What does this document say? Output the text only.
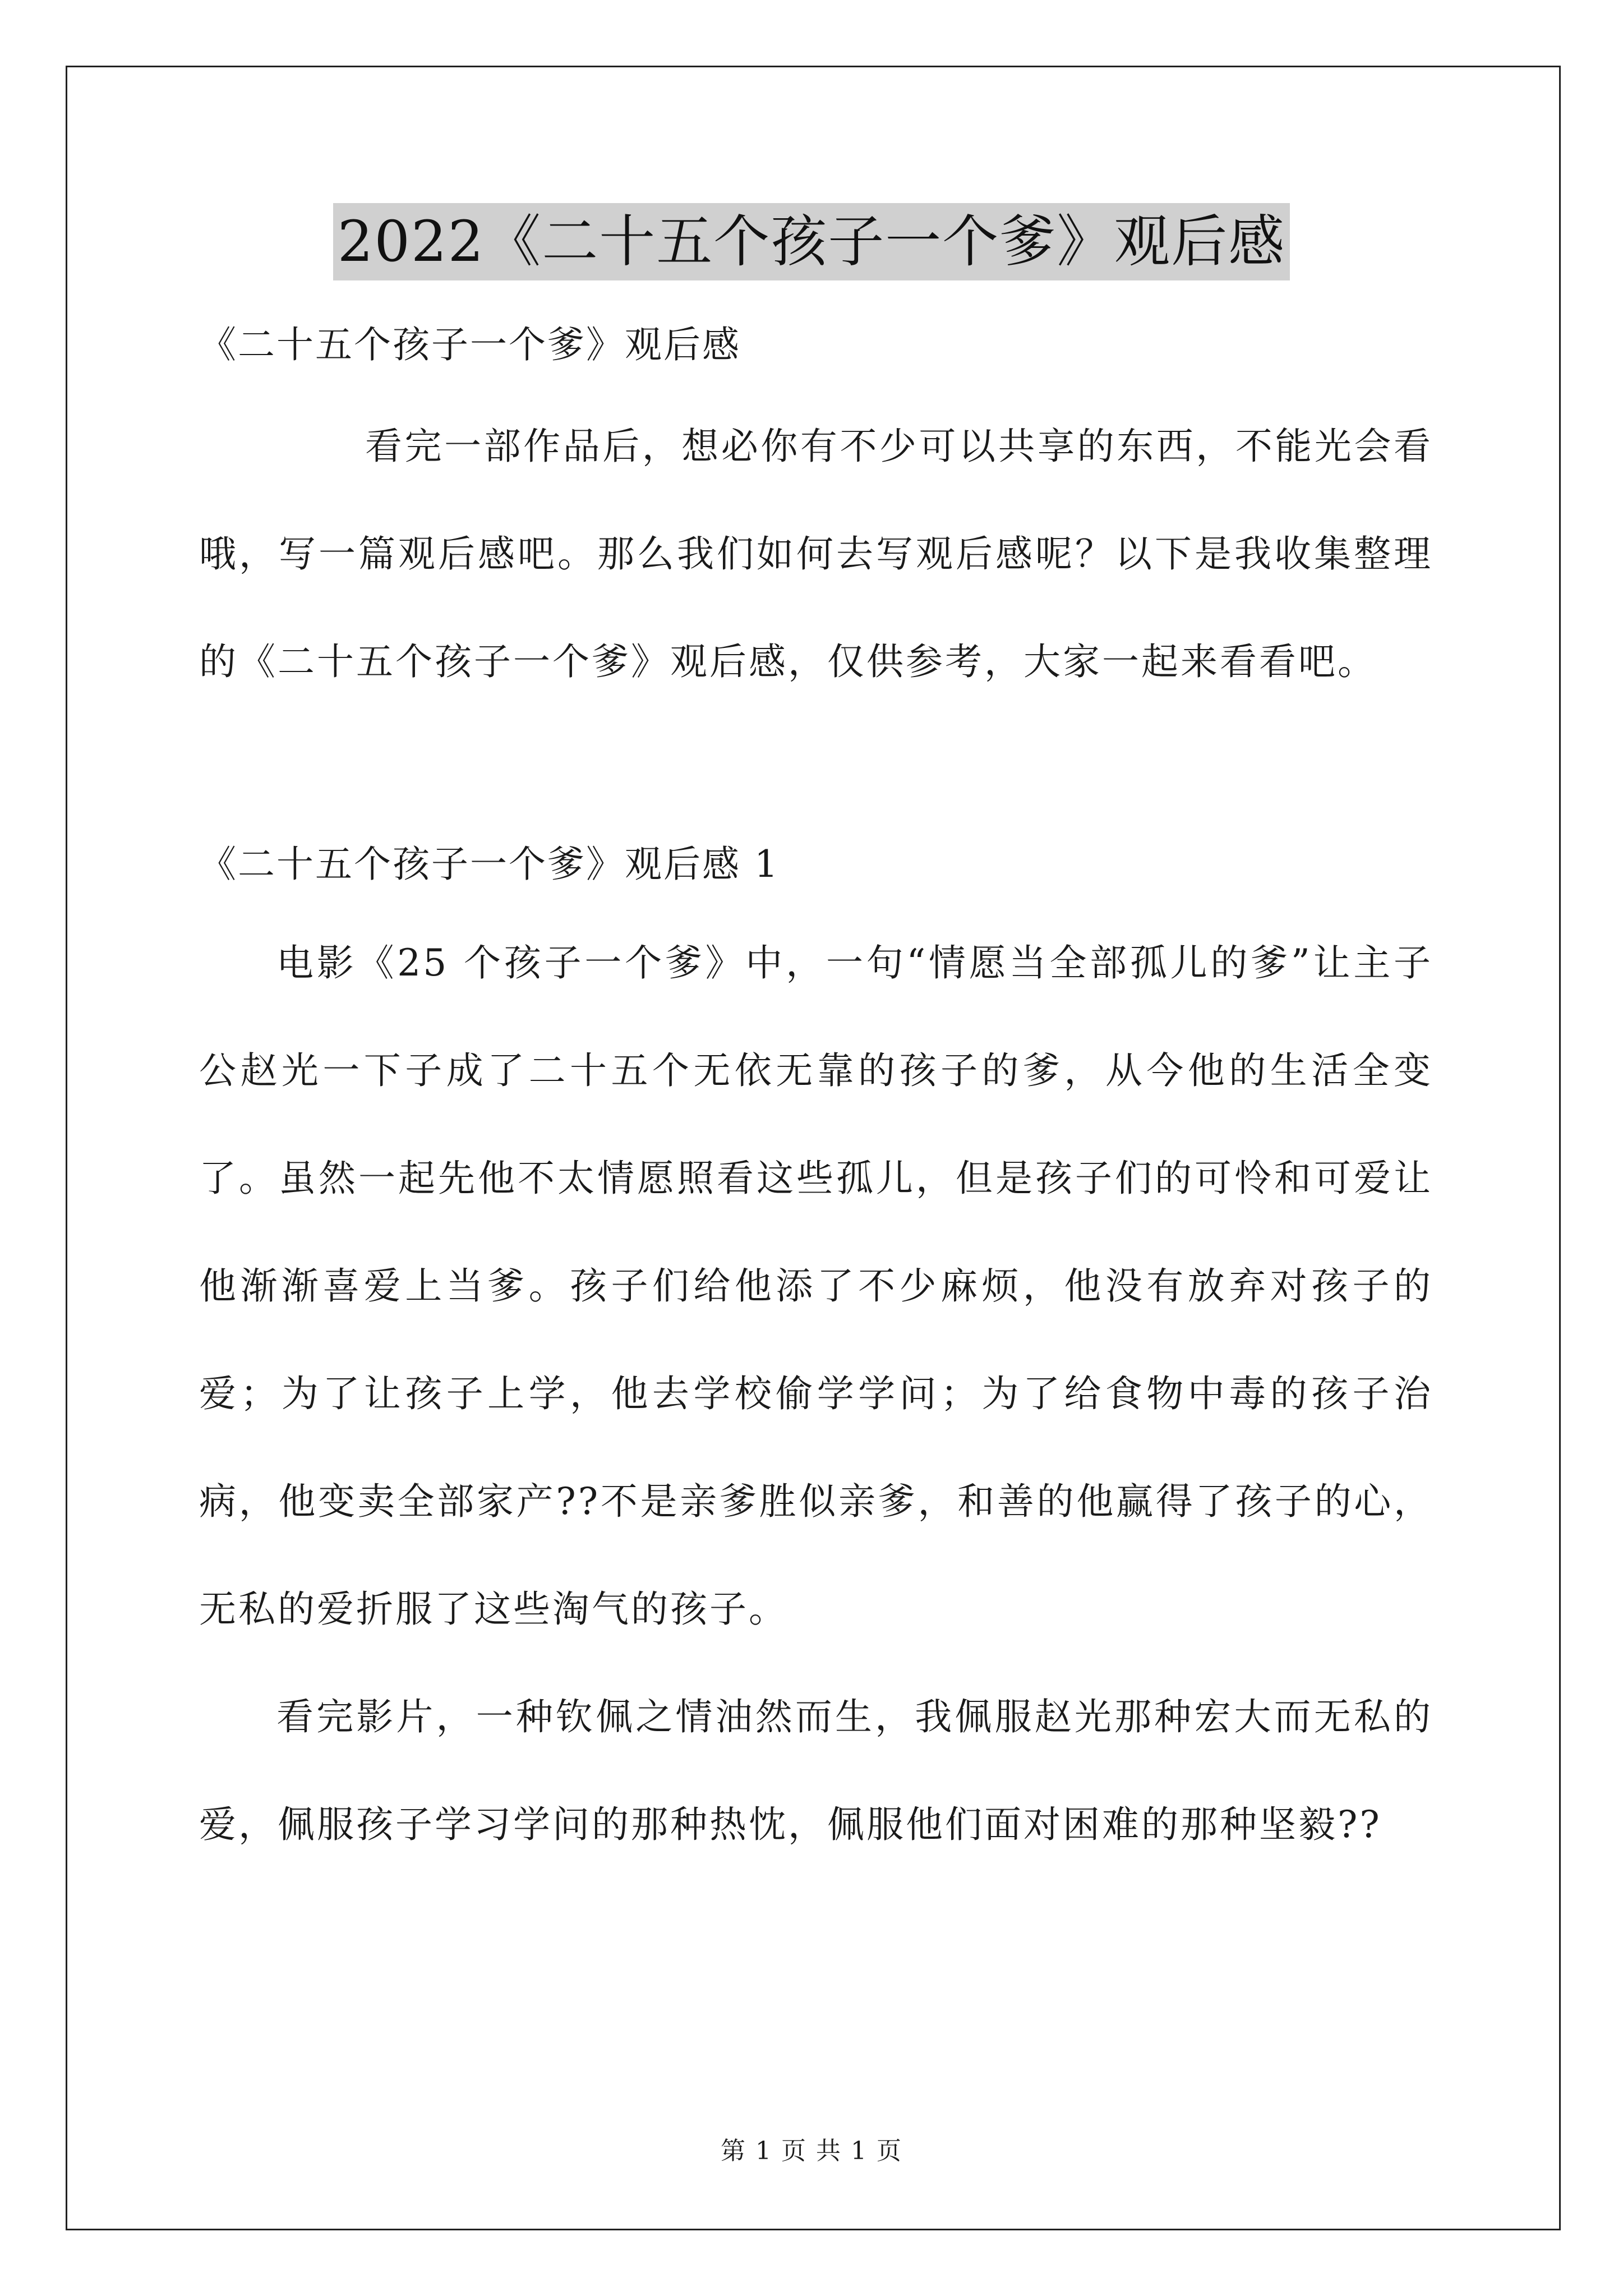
2022《二十五个孩子一个爹》观后感

《二十五个孩子一个爹》观后感

看完一部作品后，想必你有不少可以共享的东西，不能光会看哦，写一篇观后感吧。那么我们如何去写观后感呢？以下是我收集整理的《二十五个孩子一个爹》观后感，仅供参考，大家一起来看看吧。

《二十五个孩子一个爹》观后感 1

电影《25 个孩子一个爹》中，一句“情愿当全部孤儿的爹”让主子公赵光一下子成了二十五个无依无靠的孩子的爹，从今他的生活全变了。虽然一起先他不太情愿照看这些孤儿，但是孩子们的可怜和可爱让他渐渐喜爱上当爹。孩子们给他添了不少麻烦，他没有放弃对孩子的爱；为了让孩子上学，他去学校偷学学问；为了给食物中毒的孩子治病，他变卖全部家产??不是亲爹胜似亲爹，和善的他赢得了孩子的心，无私的爱折服了这些淘气的孩子。

看完影片，一种钦佩之情油然而生，我佩服赵光那种宏大而无私的爱，佩服孩子学习学问的那种热忱，佩服他们面对困难的那种坚毅??

第 1 页 共 1 页
